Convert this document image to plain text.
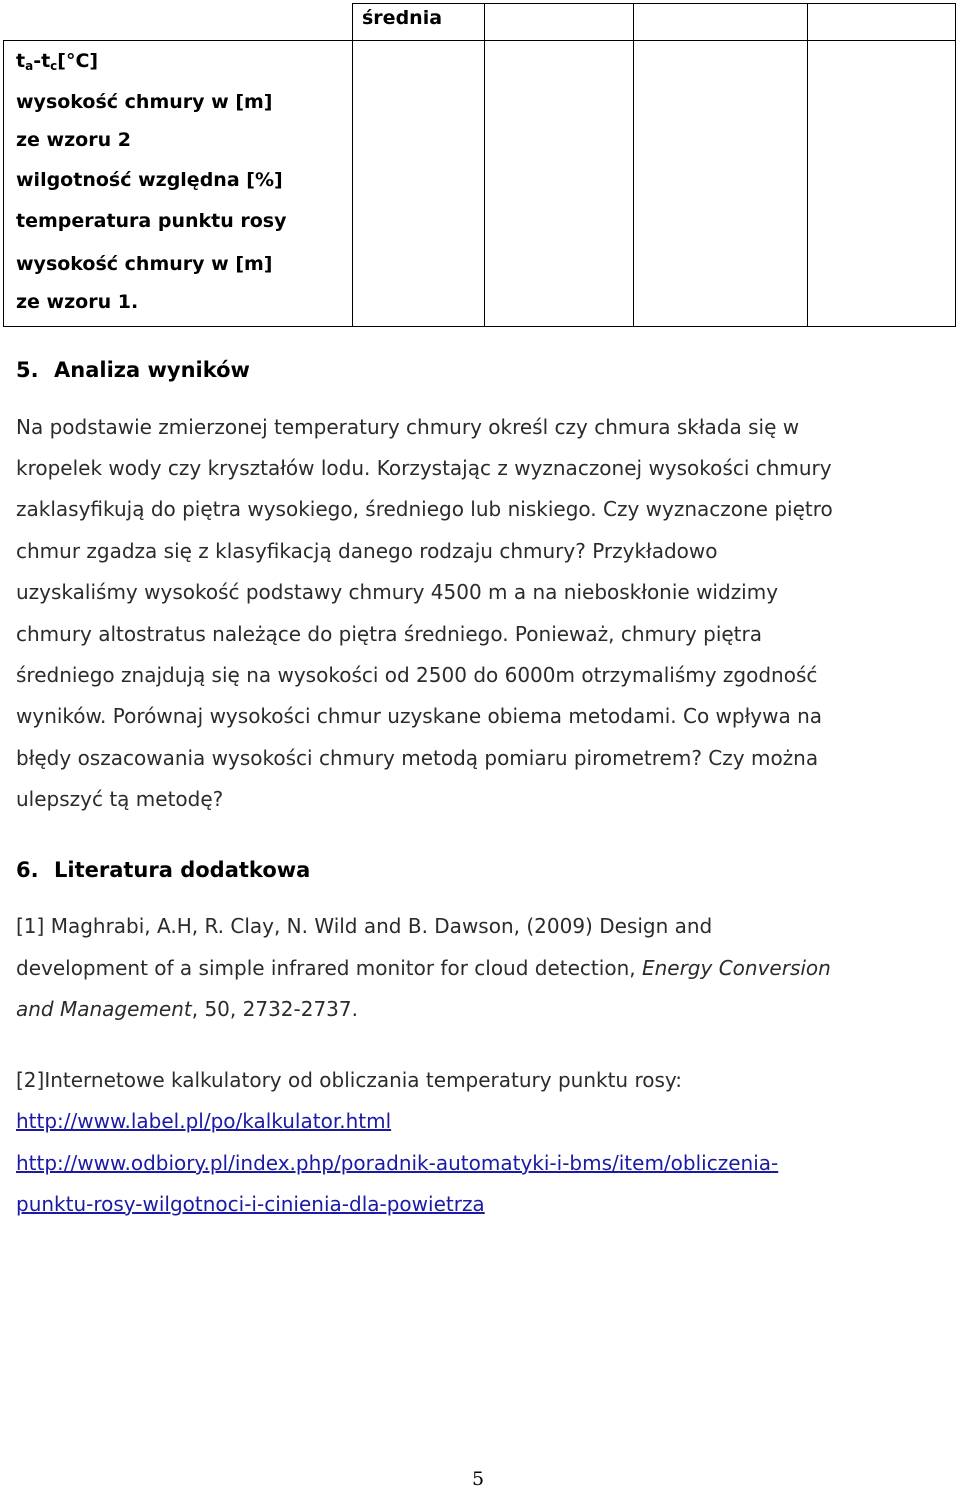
średnia
$t_a-t_c[^\circ C]$
wysokość chmury w [m]
ze wzoru 2
wilgotność względna [%]
temperatura punktu rosy
wysokość chmury w [m]
ze wzoru 1.
5. Analiza wyników
Na podstawie zmierzonej temperatury chmury określ czy chmura składa się w
kropelek wody czy kryształów lodu. Korzystając z wyznaczonej wysokości chmury
zaklasyfikują do piętra wysokiego, średniego lub niskiego. Czy wyznaczone piętro
chmur zgadza się z klasyfikacją danego rodzaju chmury? Przykładowo
uzyskaliśmy wysokość podstawy chmury 4500 m a na nieboskłonie widzimy
chmury altostratus należące do piętra średniego. Ponieważ, chmury piętra
średniego znajdują się na wysokości od 2500 do 6000m otrzymaliśmy zgodność
wyników. Porównaj wysokości chmur uzyskane obiema metodami. Co wpływa na
błędy oszacowania wysokości chmury metodą pomiaru pirometrem? Czy można
ulepszyć tą metodę?
6. Literatura dodatkowa
[1] Maghrabi, A.H, R. Clay, N. Wild and B. Dawson, (2009) Design and
development of a simple infrared monitor for cloud detection, Energy Conversion
and Management, 50, 2732-2737.
[2]Internetowe kalkulatory od obliczania temperatury punktu rosy:
http://www.label.pl/po/kalkulator.html
http://www.odbiory.pl/index.php/poradnik-automatyki-i-bms/item/obliczenia-
punktu-rosy-wilgotnoci-i-cinienia-dla-powietrza
5
